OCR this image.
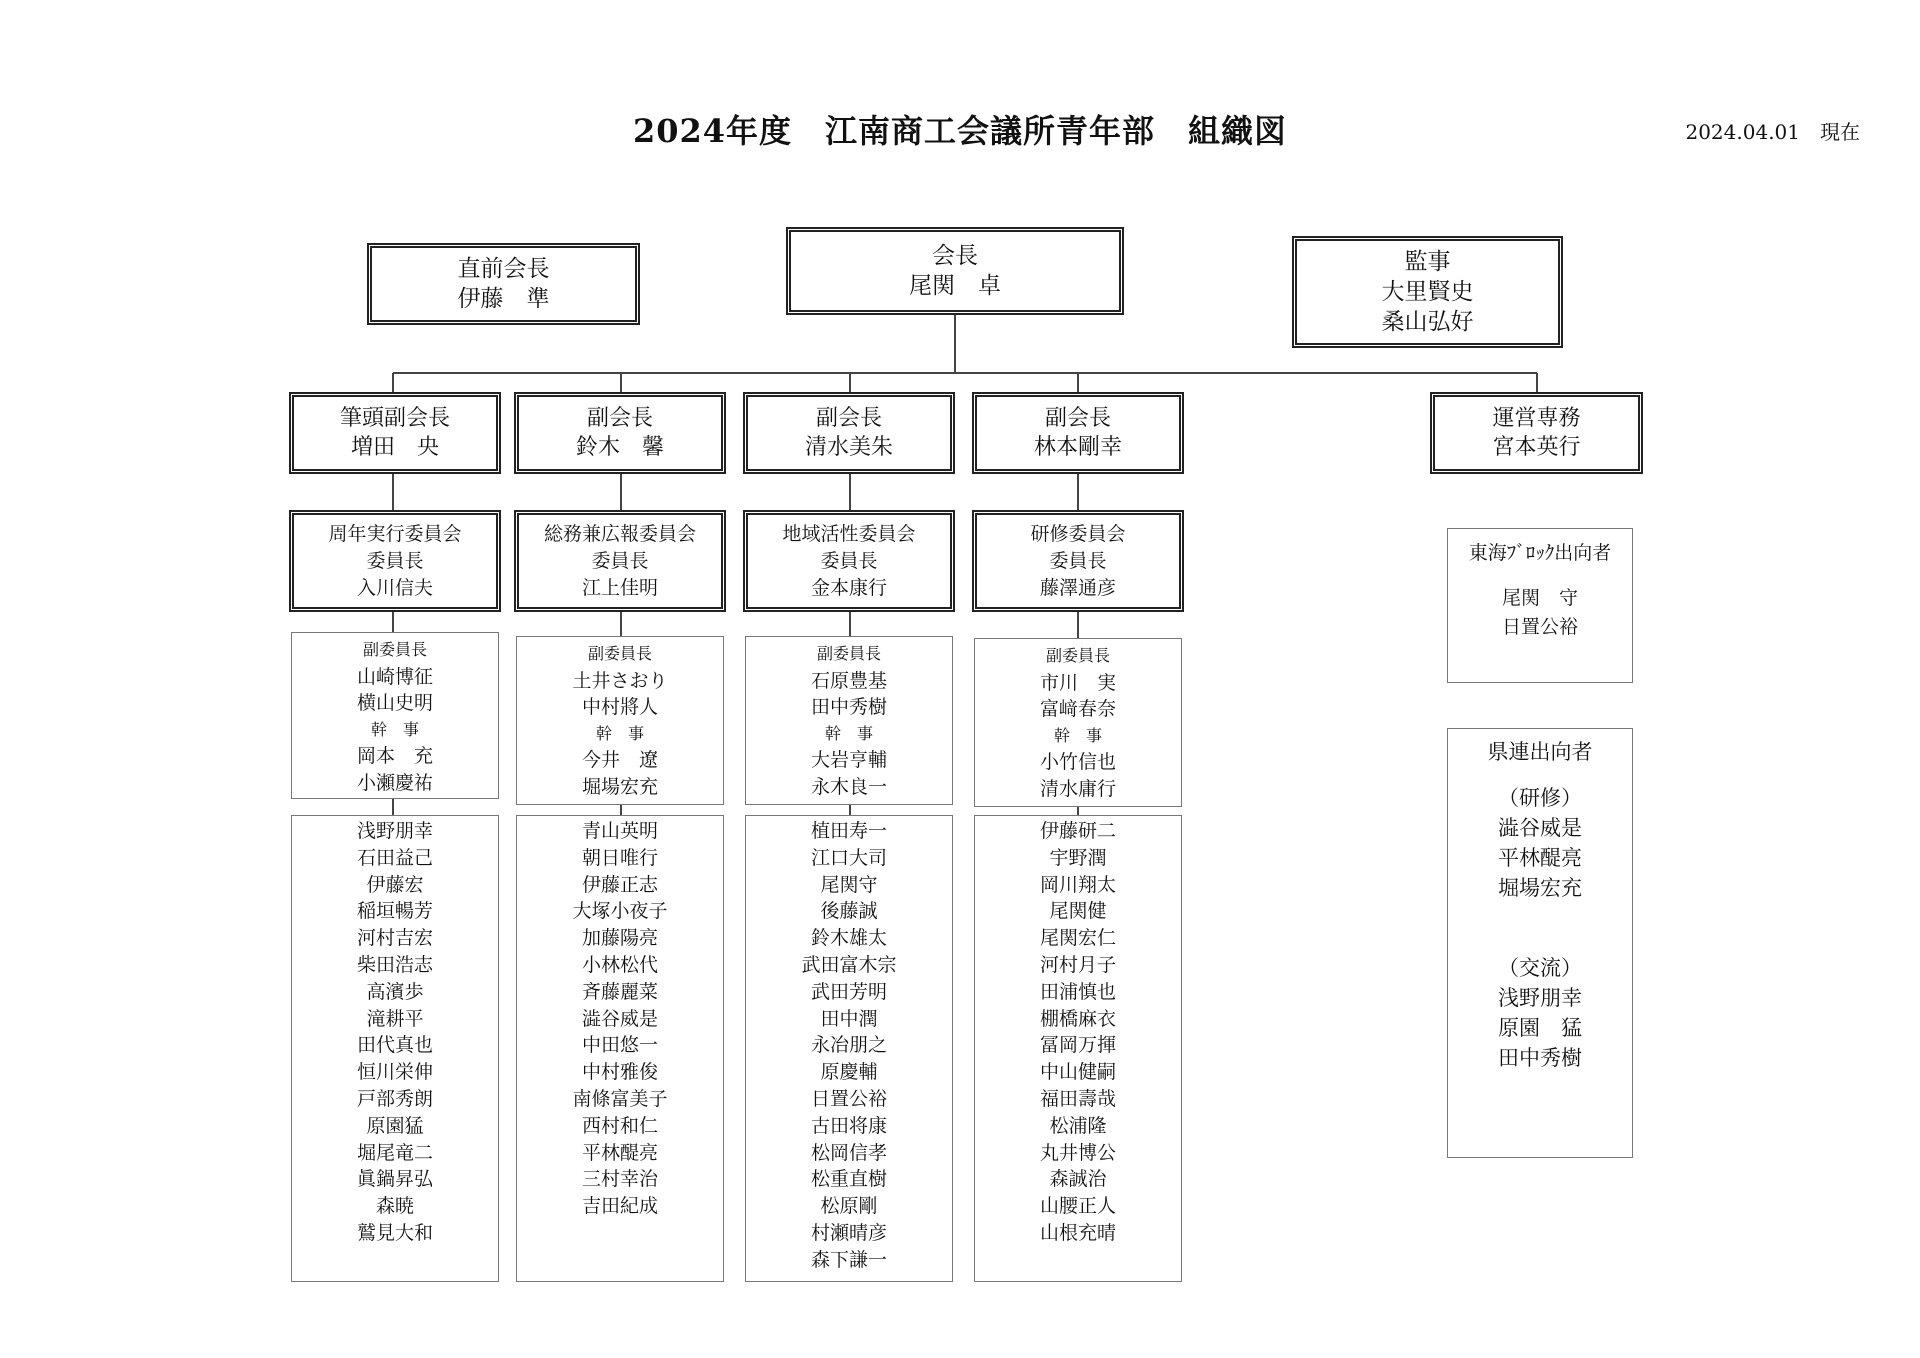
2024年度　江南商工会議所青年部　組織図	2024.04.01　現在
直前会長
伊藤　準
会長
尾関　卓
監事
大里賢史
桑山弘好
筆頭副会長
増田　央
副会長
鈴木　馨
副会長
清水美朱
副会長
林本剛幸
運営専務
宮本英行
周年実行委員会
委員長
入川信夫
総務兼広報委員会
委員長
江上佳明
地域活性委員会
委員長
金本康行
研修委員会
委員長
藤澤通彦
副委員長
山崎博征
横山史明
幹　事
岡本　充
小瀬慶祐
副委員長
土井さおり
中村將人
幹　事
今井　遼
堀場宏充
副委員長
石原豊基
田中秀樹
幹　事
大岩亨輔
永木良一
副委員長
市川　実
富﨑春奈
幹　事
小竹信也
清水庸行
浅野朋幸
石田益己
伊藤宏
稲垣暢芳
河村吉宏
柴田浩志
高濱歩
滝耕平
田代真也
恒川栄伸
戸部秀朗
原園猛
堀尾竜二
眞鍋昇弘
森暁
鷲見大和
青山英明
朝日唯行
伊藤正志
大塚小夜子
加藤陽亮
小林松代
斉藤麗菜
澁谷威是
中田悠一
中村雅俊
南條富美子
西村和仁
平林醍亮
三村幸治
吉田紀成
植田寿一
江口大司
尾関守
後藤誠
鈴木雄太
武田富木宗
武田芳明
田中潤
永冶朋之
原慶輔
日置公裕
古田将康
松岡信孝
松重直樹
松原剛
村瀬晴彦
森下謙一
伊藤研二
宇野潤
岡川翔太
尾関健
尾関宏仁
河村月子
田浦慎也
棚橋麻衣
冨岡万揮
中山健嗣
福田壽哉
松浦隆
丸井博公
森誠治
山腰正人
山根充晴
東海ﾌﾞﾛｯｸ出向者
尾関　守
日置公裕
県連出向者
（研修）
澁谷威是
平林醍亮
堀場宏充
（交流）
浅野朋幸
原園　猛
田中秀樹
